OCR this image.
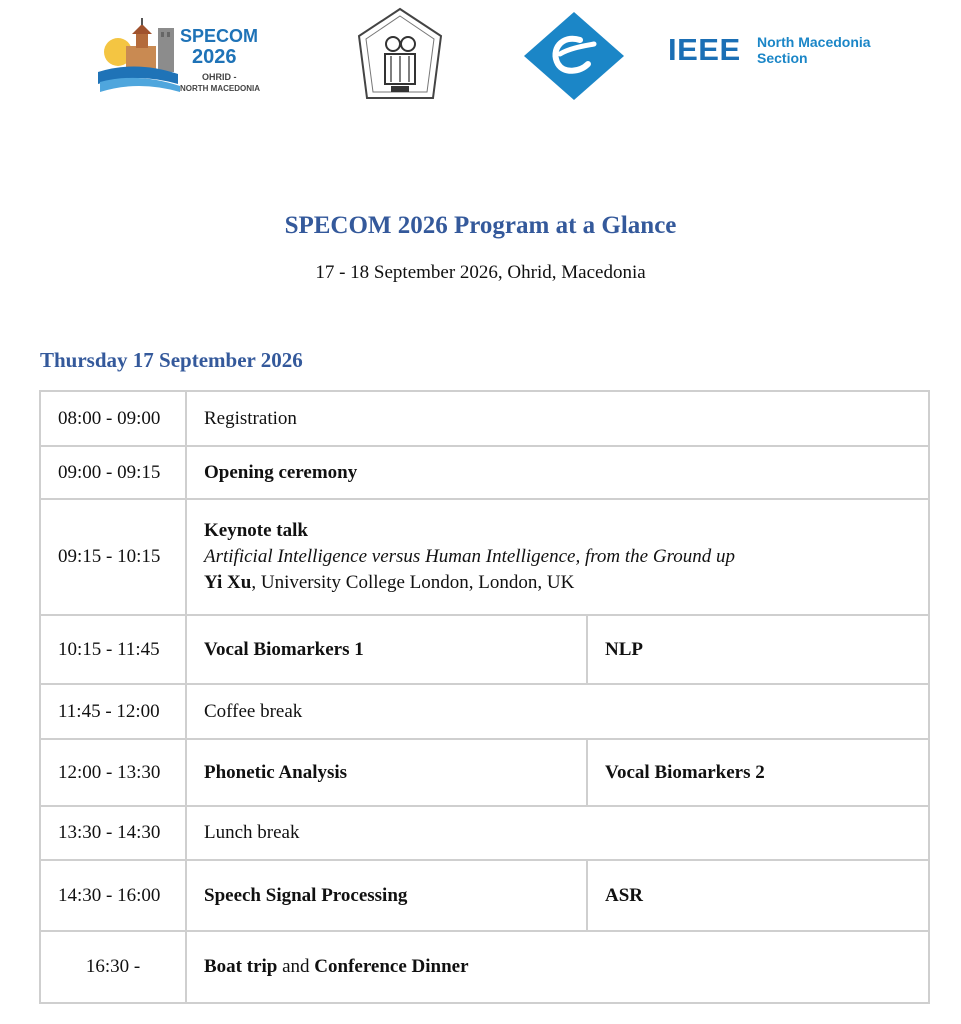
SPECOM
2026
OHRID -
NORTH MACEDONIA
IEEE North Macedonia
Section
SPECOM 2026 Program at a Glance
17 - 18 September 2026, Ohrid, Macedonia
Thursday 17 September 2026
08:00 - 09:00	Registration	
09:00 - 09:15	Opening ceremony	
09:15 - 10:15	Keynote talk
Artificial Intelligence versus Human Intelligence, from the Ground up
Yi Xu, University College London, London, UK	

10:15 - 11:45	Vocal Biomarkers 1	NLP
11:45 - 12:00	Coffee break	
12:00 - 13:30	Phonetic Analysis	Vocal Biomarkers 2
13:30 - 14:30	Lunch break	
14:30 - 16:00	Speech Signal Processing	ASR
16:30 -	Boat trip and Conference Dinner	
